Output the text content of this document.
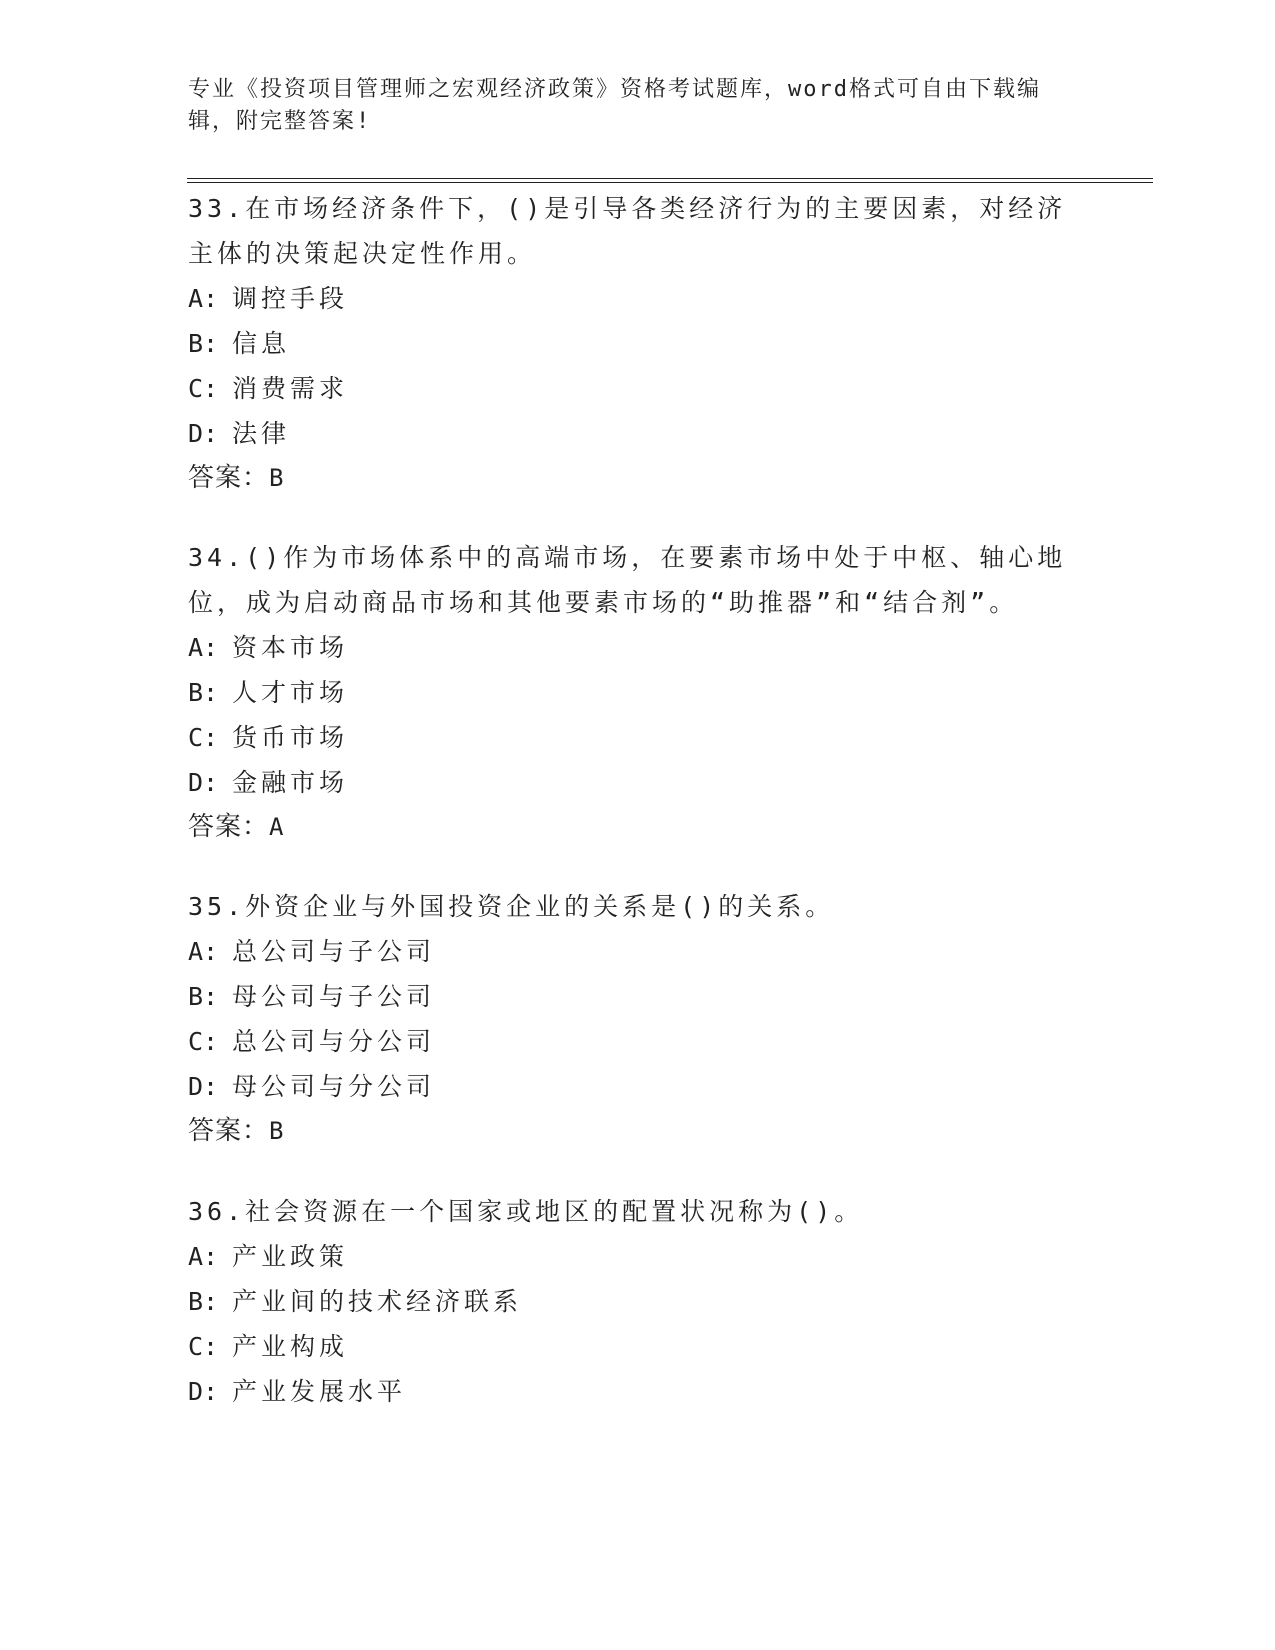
专业《投资项目管理师之宏观经济政策》资格考试题库，word格式可自由下载编辑，附完整答案!

33.在市场经济条件下，()是引导各类经济行为的主要因素，对经济主体的决策起决定性作用。

A: 调控手段
B: 信息
C: 消费需求
D: 法律
答案：B

34.()作为市场体系中的高端市场，在要素市场中处于中枢、轴心地位，成为启动商品市场和其他要素市场的“助推器”和“结合剂”。

A: 资本市场
B: 人才市场
C: 货币市场
D: 金融市场
答案：A

35.外资企业与外国投资企业的关系是()的关系。

A: 总公司与子公司
B: 母公司与子公司
C: 总公司与分公司
D: 母公司与分公司
答案：B

36.社会资源在一个国家或地区的配置状况称为()。

A: 产业政策
B: 产业间的技术经济联系
C: 产业构成
D: 产业发展水平
